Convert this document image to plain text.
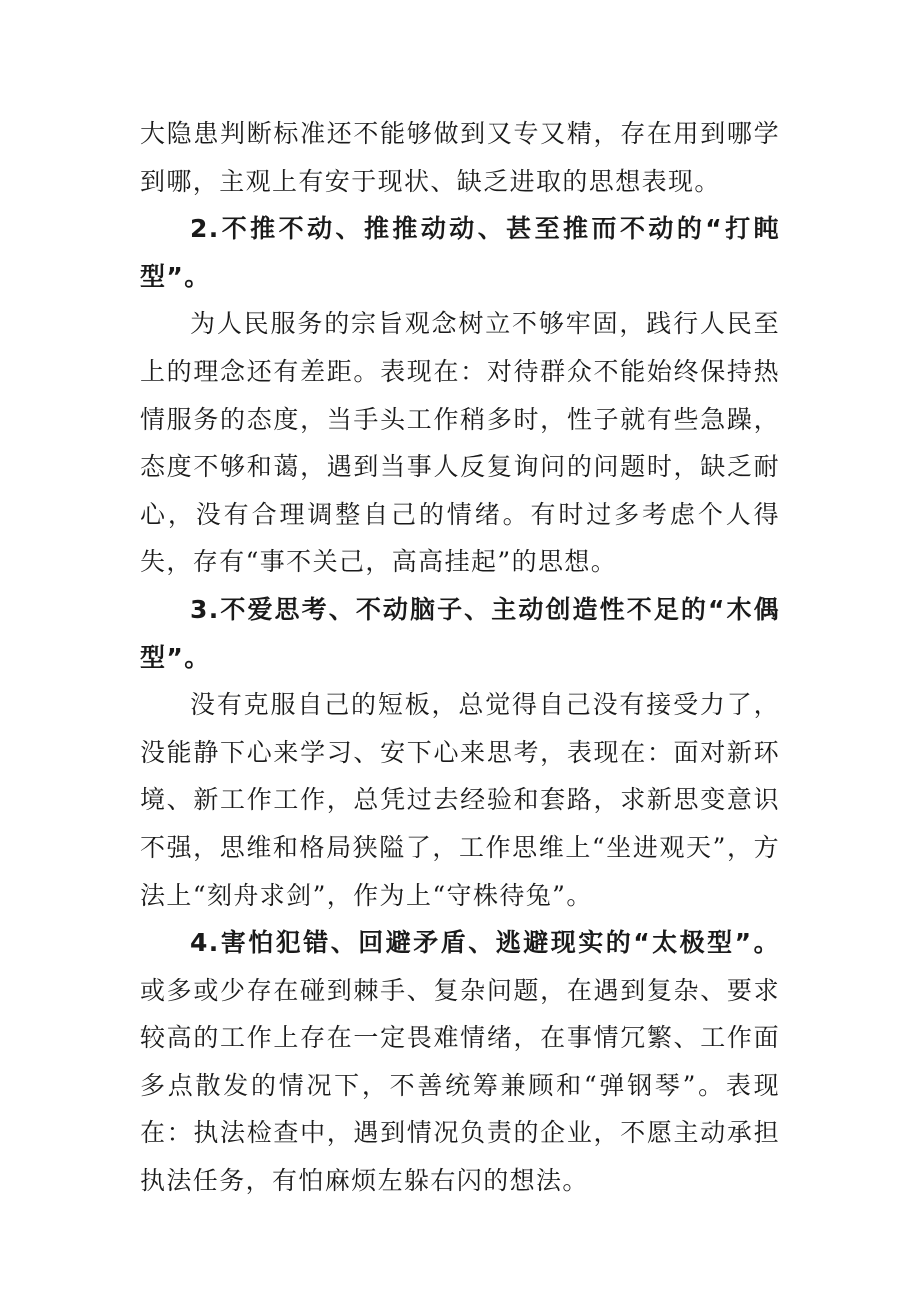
大隐患判断标准还不能够做到又专又精，存在用到哪学到哪，主观上有安于现状、缺乏进取的思想表现。

2.不推不动、推推动动、甚至推而不动的“打盹型”。

为人民服务的宗旨观念树立不够牢固，践行人民至上的理念还有差距。表现在：对待群众不能始终保持热情服务的态度，当手头工作稍多时，性子就有些急躁，态度不够和蔼，遇到当事人反复询问的问题时，缺乏耐心，没有合理调整自己的情绪。有时过多考虑个人得失，存有“事不关己，高高挂起”的思想。

3.不爱思考、不动脑子、主动创造性不足的“木偶型”。

没有克服自己的短板，总觉得自己没有接受力了，没能静下心来学习、安下心来思考，表现在：面对新环境、新工作工作，总凭过去经验和套路，求新思变意识不强，思维和格局狭隘了，工作思维上“坐进观天”，方法上“刻舟求剑”，作为上“守株待兔”。

4.害怕犯错、回避矛盾、逃避现实的“太极型”。或多或少存在碰到棘手、复杂问题，在遇到复杂、要求较高的工作上存在一定畏难情绪，在事情冗繁、工作面多点散发的情况下，不善统筹兼顾和“弹钢琴”。表现在：执法检查中，遇到情况负责的企业，不愿主动承担执法任务，有怕麻烦左躲右闪的想法。
